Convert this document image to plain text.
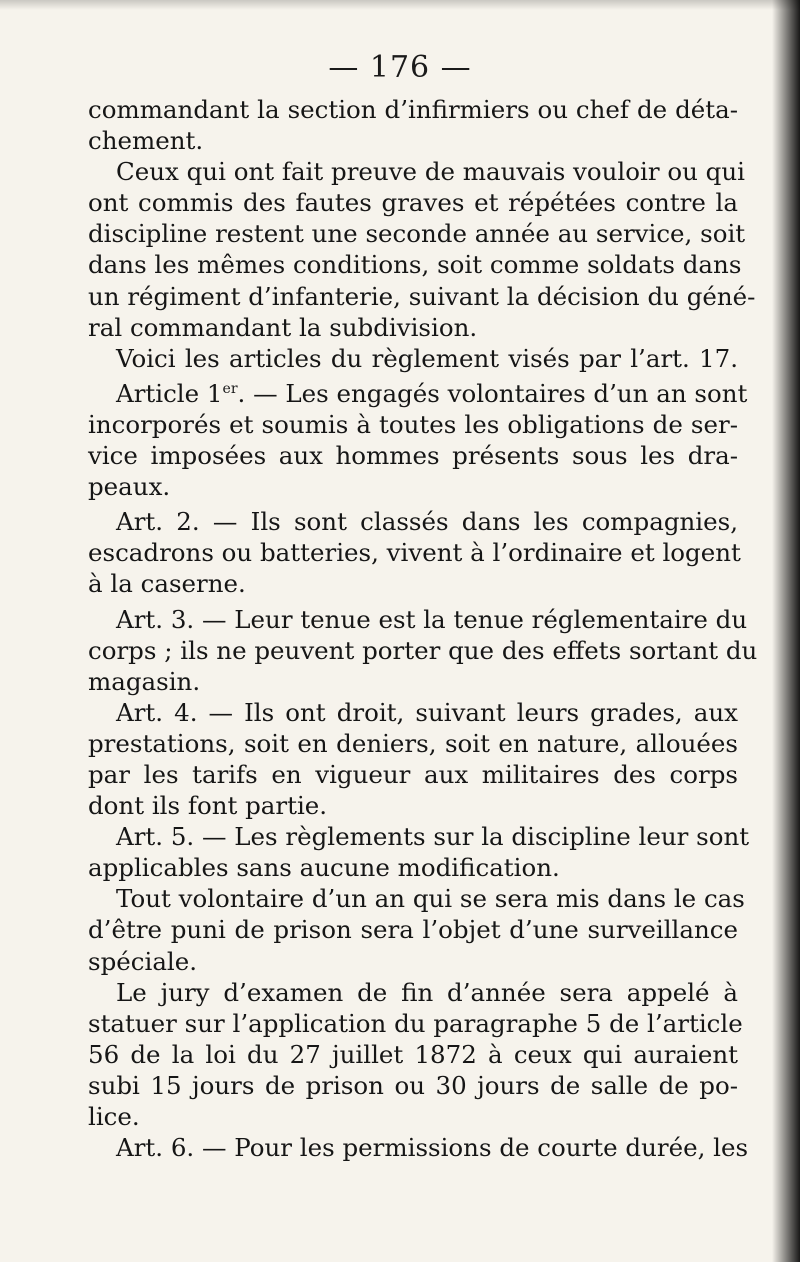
— 176 —

commandant la section d’infirmiers ou chef de déta-

chement.

Ceux qui ont fait preuve de mauvais vouloir ou qui

ont commis des fautes graves et répétées contre la

discipline restent une seconde année au service, soit

dans les mêmes conditions, soit comme soldats dans

un régiment d’infanterie, suivant la décision du géné-

ral commandant la subdivision.

Voici les articles du règlement visés par l’art. 17.

Article 1er. — Les engagés volontaires d’un an sont

incorporés et soumis à toutes les obligations de ser-

vice imposées aux hommes présents sous les dra-

peaux.

Art. 2. — Ils sont classés dans les compagnies,

escadrons ou batteries, vivent à l’ordinaire et logent

à la caserne.

Art. 3. — Leur tenue est la tenue réglementaire du

corps ; ils ne peuvent porter que des effets sortant du

magasin.

Art. 4. — Ils ont droit, suivant leurs grades, aux

prestations, soit en deniers, soit en nature, allouées

par les tarifs en vigueur aux militaires des corps

dont ils font partie.

Art. 5. — Les règlements sur la discipline leur sont

applicables sans aucune modification.

Tout volontaire d’un an qui se sera mis dans le cas

d’être puni de prison sera l’objet d’une surveillance

spéciale.

Le jury d’examen de fin d’année sera appelé à

statuer sur l’application du paragraphe 5 de l’article

56 de la loi du 27 juillet 1872 à ceux qui auraient

subi 15 jours de prison ou 30 jours de salle de po-

lice.

Art. 6. — Pour les permissions de courte durée, les
